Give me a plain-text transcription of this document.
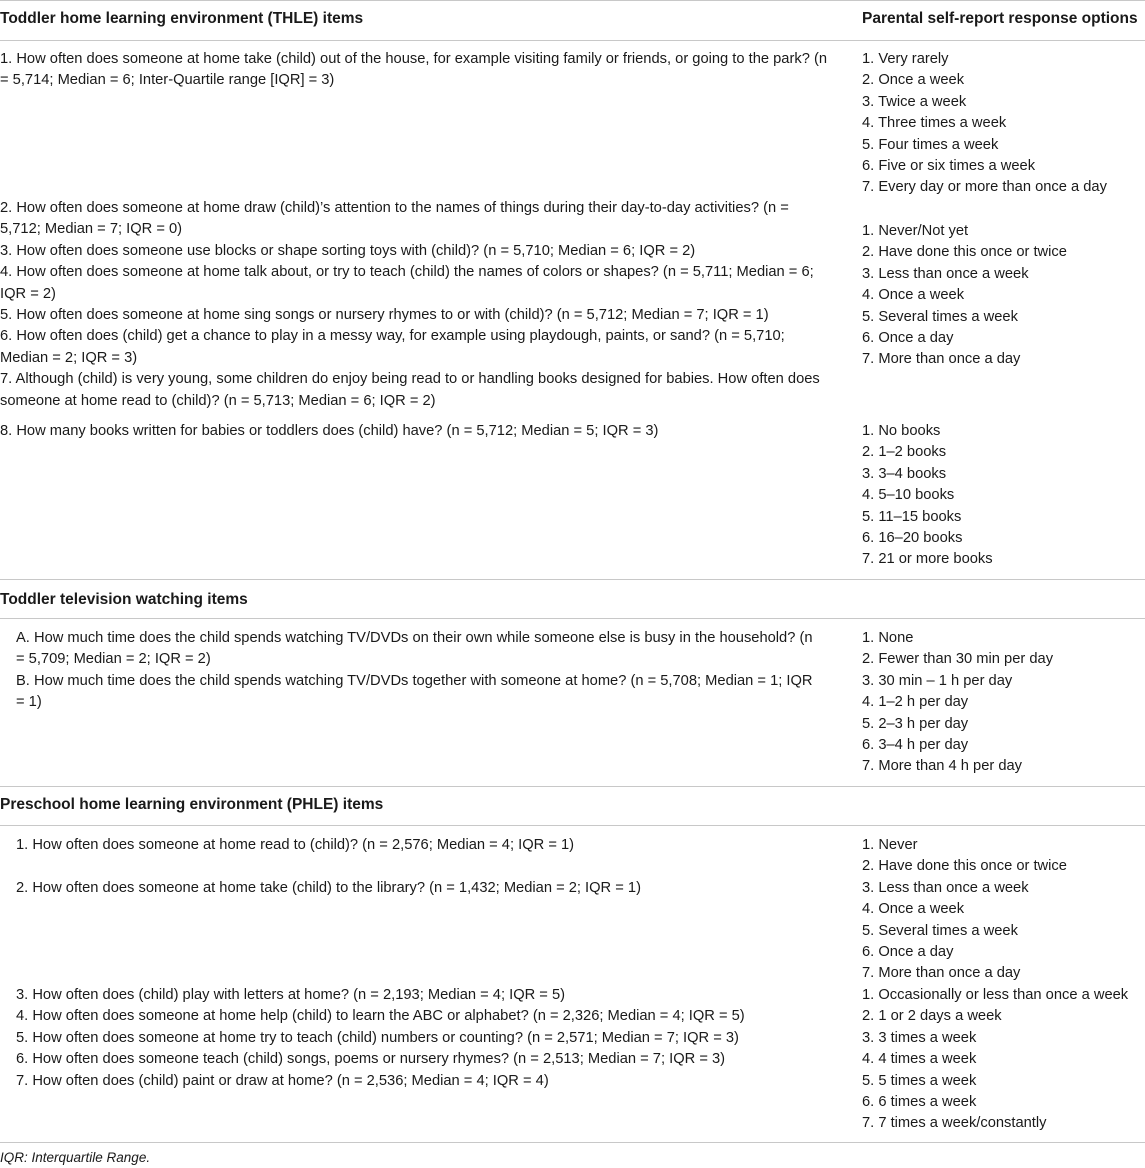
Toddler home learning environment (THLE) items	Parental self-report response options
1. How often does someone at home take (child) out of the house, for example visiting family or friends, or going to the park? (n = 5,714; Median = 6; Inter-Quartile range [IQR] = 3)
1. Very rarely
2. Once a week
3. Twice a week
4. Three times a week
5. Four times a week
6. Five or six times a week
7. Every day or more than once a day
2. How often does someone at home draw (child)’s attention to the names of things during their day-to-day activities? (n = 5,712; Median = 7; IQR = 0)
3. How often does someone use blocks or shape sorting toys with (child)? (n = 5,710; Median = 6; IQR = 2)
4. How often does someone at home talk about, or try to teach (child) the names of colors or shapes? (n = 5,711; Median = 6; IQR = 2)
5. How often does someone at home sing songs or nursery rhymes to or with (child)? (n = 5,712; Median = 7; IQR = 1)
6. How often does (child) get a chance to play in a messy way, for example using playdough, paints, or sand? (n = 5,710; Median = 2; IQR = 3)
7. Although (child) is very young, some children do enjoy being read to or handling books designed for babies. How often does someone at home read to (child)? (n = 5,713; Median = 6; IQR = 2)
1. Never/Not yet
2. Have done this once or twice
3. Less than once a week
4. Once a week
5. Several times a week
6. Once a day
7. More than once a day
8. How many books written for babies or toddlers does (child) have? (n = 5,712; Median = 5; IQR = 3)	1. No books
2. 1–2 books
3. 3–4 books
4. 5–10 books
5. 11–15 books
6. 16–20 books
7. 21 or more books
Toddler television watching items
A. How much time does the child spends watching TV/DVDs on their own while someone else is busy in the household? (n = 5,709; Median = 2; IQR = 2)
B. How much time does the child spends watching TV/DVDs together with someone at home? (n = 5,708; Median = 1; IQR = 1)
1. None
2. Fewer than 30 min per day
3. 30 min – 1 h per day
4. 1–2 h per day
5. 2–3 h per day
6. 3–4 h per day
7. More than 4 h per day
Preschool home learning environment (PHLE) items
1. How often does someone at home read to (child)? (n = 2,576; Median = 4; IQR = 1)
2. How often does someone at home take (child) to the library? (n = 1,432; Median = 2; IQR = 1)
1. Never
2. Have done this once or twice
3. Less than once a week
4. Once a week
5. Several times a week
6. Once a day
7. More than once a day
3. How often does (child) play with letters at home? (n = 2,193; Median = 4; IQR = 5)
4. How often does someone at home help (child) to learn the ABC or alphabet? (n = 2,326; Median = 4; IQR = 5)
5. How often does someone at home try to teach (child) numbers or counting? (n = 2,571; Median = 7; IQR = 3)
6. How often does someone teach (child) songs, poems or nursery rhymes? (n = 2,513; Median = 7; IQR = 3)
7. How often does (child) paint or draw at home? (n = 2,536; Median = 4; IQR = 4)
1. Occasionally or less than once a week
2. 1 or 2 days a week
3. 3 times a week
4. 4 times a week
5. 5 times a week
6. 6 times a week
7. 7 times a week/constantly
IQR: Interquartile Range.
